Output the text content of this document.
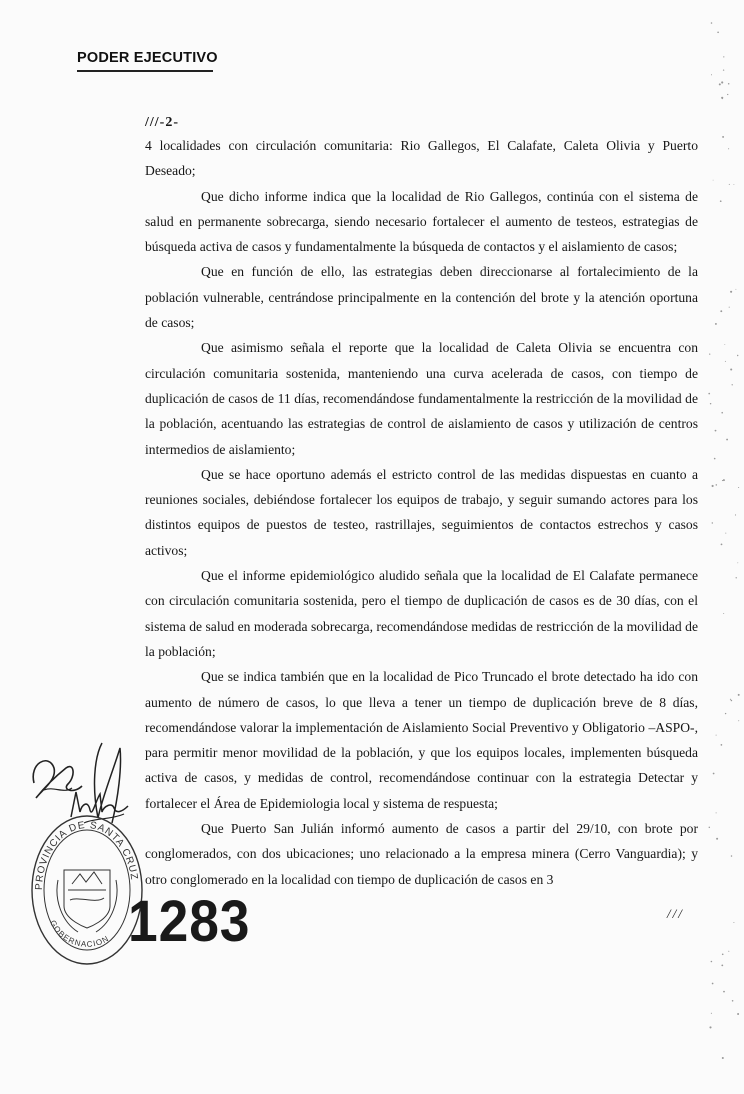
PODER EJECUTIVO
///-2-

4 localidades con circulación comunitaria: Rio Gallegos, El Calafate, Caleta Olivia y Puerto Deseado;

Que dicho informe indica que la localidad de Rio Gallegos, continúa con el sistema de salud en permanente sobrecarga, siendo necesario fortalecer el aumento de testeos, estrategias de búsqueda activa de casos y fundamentalmente la búsqueda de contactos y el aislamiento de casos;

Que en función de ello, las estrategias deben direccionarse al fortalecimiento de la población vulnerable, centrándose principalmente en la contención del brote y la atención oportuna de casos;

Que asimismo señala el reporte que la localidad de Caleta Olivia se encuentra con circulación comunitaria sostenida, manteniendo una curva acelerada de casos, con tiempo de duplicación de casos de 11 días, recomendándose fundamentalmente la restricción de la movilidad de la población, acentuando las estrategias de control de aislamiento de casos y utilización de centros intermedios de aislamiento;

Que se hace oportuno además el estricto control de las medidas dispuestas en cuanto a reuniones sociales, debiéndose fortalecer los equipos de trabajo, y seguir sumando actores para los distintos equipos de puestos de testeo, rastrillajes, seguimientos de contactos estrechos y casos activos;

Que el informe epidemiológico aludido señala que la localidad de El Calafate permanece con circulación comunitaria sostenida, pero el tiempo de duplicación de casos es de 30 días, con el sistema de salud en moderada sobrecarga, recomendándose medidas de restricción de la movilidad de la población;

Que se indica también que en la localidad de Pico Truncado el brote detectado ha ido con aumento de número de casos, lo que lleva a tener un tiempo de duplicación breve de 8 días, recomendándose valorar la implementación de Aislamiento Social Preventivo y Obligatorio –ASPO-, para permitir menor movilidad de la población, y que los equipos locales, implementen búsqueda activa de casos, y medidas de control, recomendándose continuar con la estrategia Detectar y fortalecer el Área de Epidemiologia local y sistema de respuesta;

Que Puerto San Julián informó aumento de casos a partir del 29/10, con brote por conglomerados, con dos ubicaciones; uno relacionado a la empresa minera (Cerro Vanguardia); y otro conglomerado en la localidad con tiempo de duplicación de casos en 3

///
PROVINCIA DE SANTA CRUZ
GOBERNACION 1283
